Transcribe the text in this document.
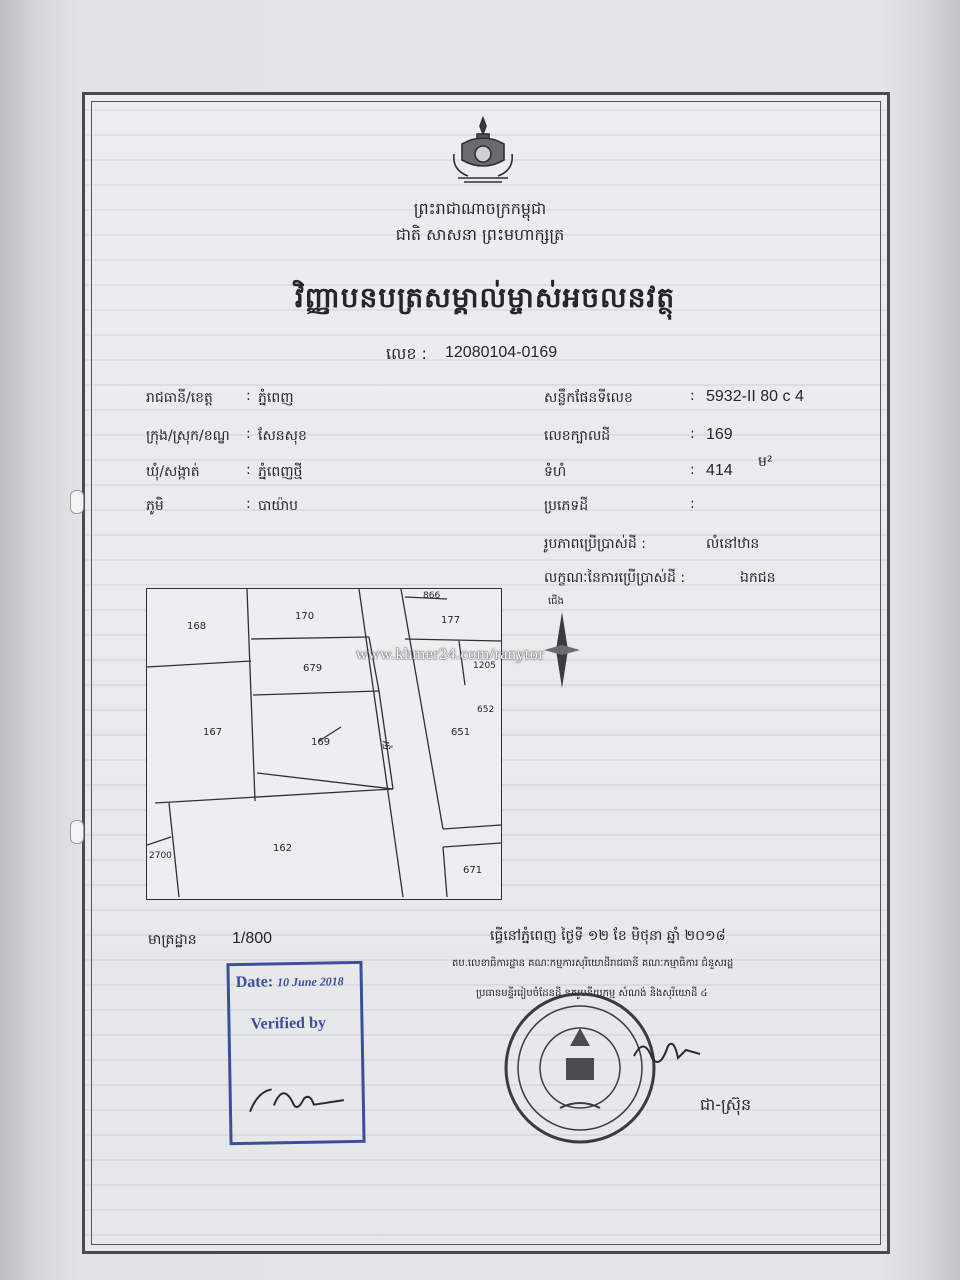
ព្រះរាជាណាចក្រកម្ពុជា
ជាតិ សាសនា ព្រះមហាក្សត្រ
វិញ្ញាបនបត្រសម្គាល់ម្ចាស់អចលនវត្ថុ
លេខ : 12080104-0169
រាជធានី/ខេត្ត : ភ្នំពេញ
ក្រុង/ស្រុក/ខណ្ឌ : សែនសុខ
ឃុំ/សង្កាត់	: ភ្នំពេញថ្មី
ភូមិ	: បាយ៉ាប
សន្លឹកផែនទីលេខ	: 5932-II 80 c 4
លេខក្បាលដី	: 169
ទំហំ	: 414 ម²
ប្រភេទដី	:
រូបភាពប្រើប្រាស់ដី :	លំនៅឋាន
លក្ខណៈនៃការប្រើប្រាស់ដី :	ឯកជន
168
170
866
177
679	1205
652
167
169
651
162
2700
671
ផ្លូវ
ជើង
www.khmer24.com/ranytor
មាត្រដ្ឋាន 1/800	ធ្វើនៅភ្នំពេញ ថ្ងៃទី ១២ ខែ មិថុនា ឆ្នាំ ២០១៨
តប.លេខាធិការដ្ឋាន គណៈកម្មការសុរិយោដីរាជធានី គណៈកម្មាធិការ ជំនួសរដ្ឋ
ប្រធានមន្ទីររៀបចំដែនដី នគរូបនីយកម្ម សំណង់ និងសុរិយោដី ៤
Date: 10 June 2018
Verified by
ជា-ស្រ៊ុន
